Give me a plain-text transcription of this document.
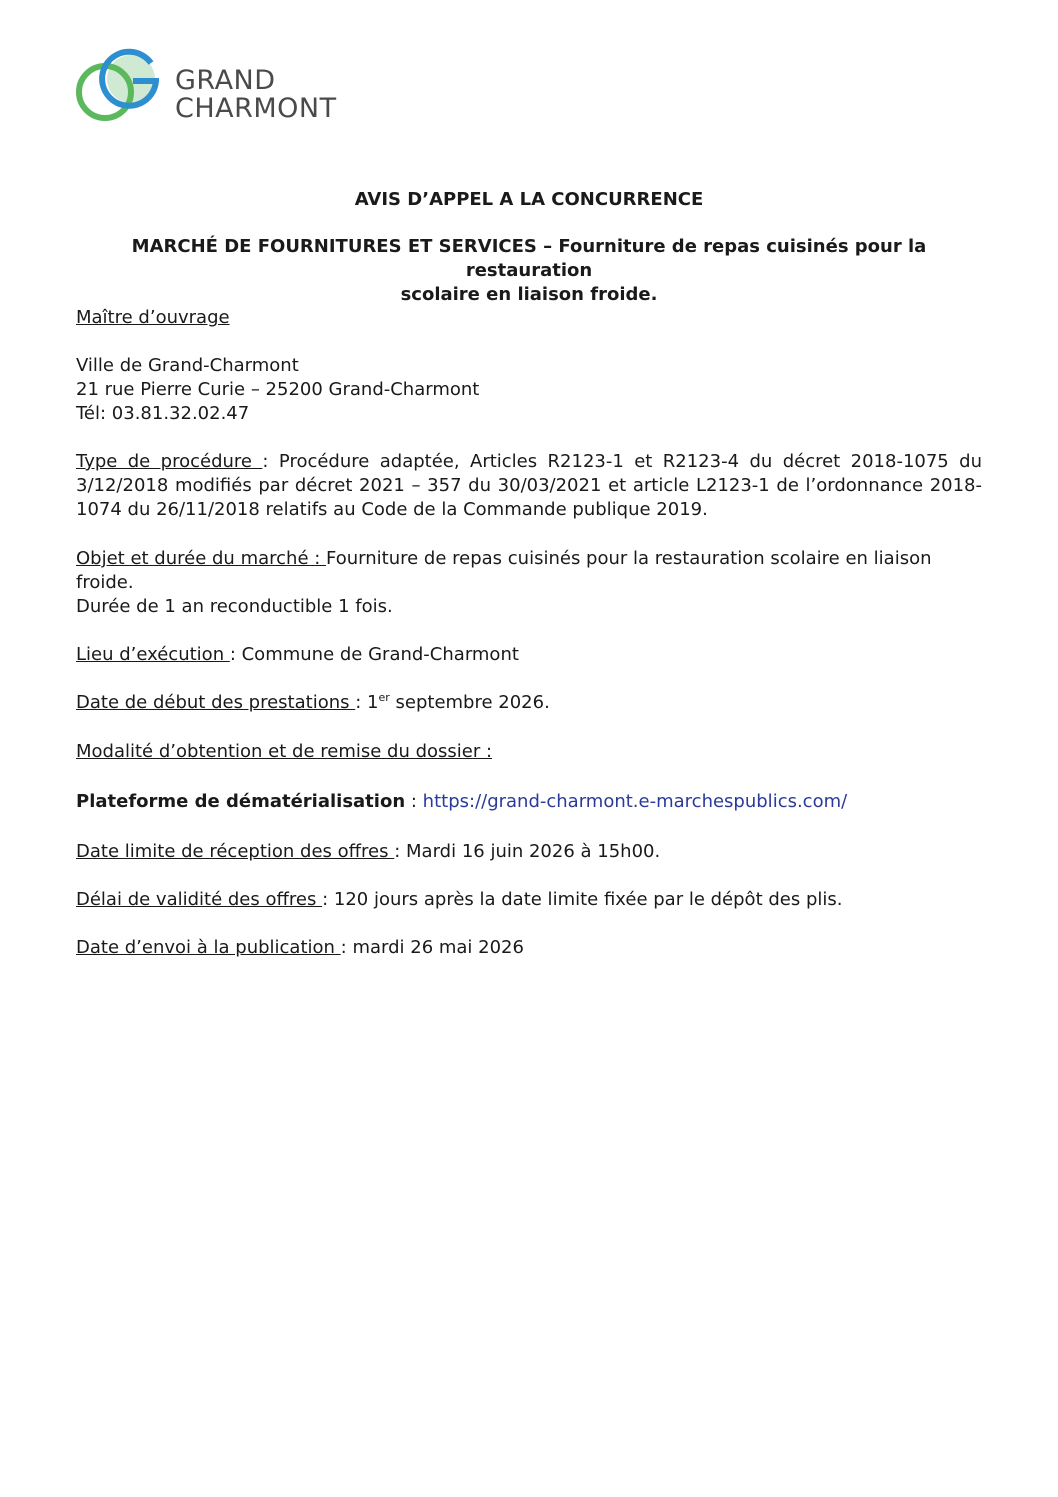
GRAND
CHARMONT
AVIS D’APPEL A LA CONCURRENCE
MARCHÉ DE FOURNITURES ET SERVICES – Fourniture de repas cuisinés pour la restauration
scolaire en liaison froide.
Maître d’ouvrage
Ville de Grand-Charmont
21 rue Pierre Curie – 25200 Grand-Charmont
Tél: 03.81.32.02.47
Type de procédure : Procédure adaptée, Articles R2123-1 et R2123-4 du décret 2018-1075 du 3/12/2018 modifiés par décret 2021 – 357 du 30/03/2021 et article L2123-1 de l’ordonnance 2018-1074 du 26/11/2018 relatifs au Code de la Commande publique 2019.
Objet et durée du marché : Fourniture de repas cuisinés pour la restauration scolaire en liaison froide.
Durée de 1 an reconductible 1 fois.
Lieu d’exécution : Commune de Grand-Charmont
Date de début des prestations : 1er septembre 2026.
Modalité d’obtention et de remise du dossier :
Plateforme de dématérialisation : https://grand-charmont.e-marchespublics.com/
Date limite de réception des offres : Mardi 16 juin 2026 à 15h00.
Délai de validité des offres : 120 jours après la date limite fixée par le dépôt des plis.
Date d’envoi à la publication : mardi 26 mai 2026
